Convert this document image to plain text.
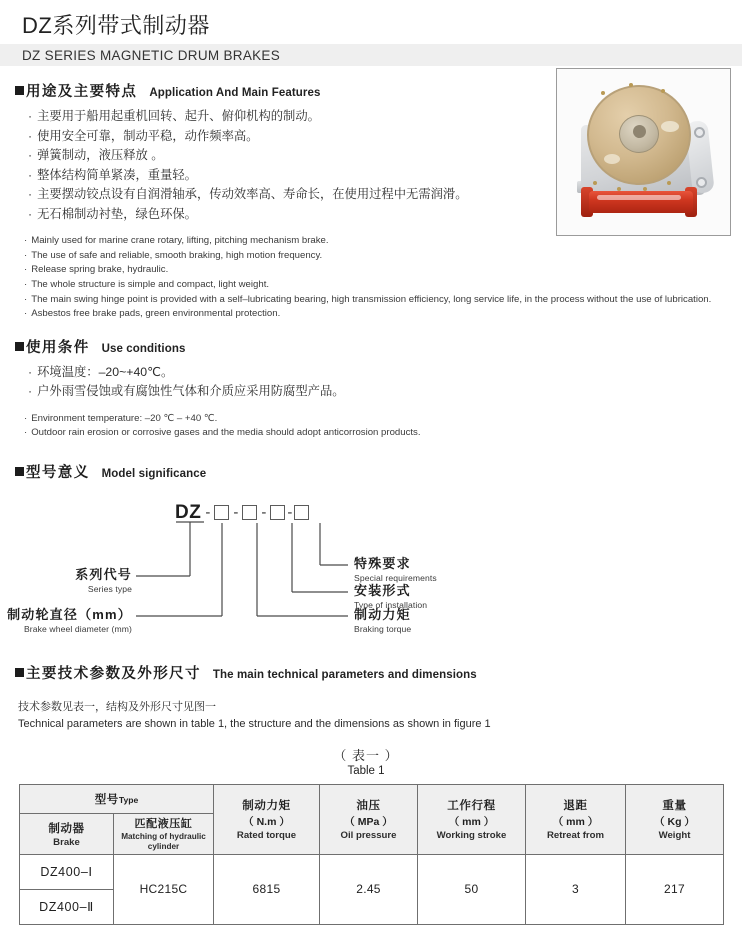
DZ系列带式制动器
DZ SERIES MAGNETIC DRUM BRAKES
用途及主要特点 Application And Main Features
· 主要用于船用起重机回转、起升、俯仰机构的制动。
· 使用安全可靠，制动平稳，动作频率高。
· 弹簧制动，液压释放 。
· 整体结构简单紧凑，重量轻。
· 主要摆动铰点设有自润滑轴承，传动效率高、寿命长，在使用过程中无需润滑。
· 无石棉制动衬垫，绿色环保。
· Mainly used for marine crane rotary, lifting, pitching mechanism brake.
· The use of safe and reliable, smooth braking, high motion frequency.
· Release spring brake, hydraulic.
· The whole structure is simple and compact, light weight.
· The main swing hinge point is provided with a self–lubricating bearing, high transmission efficiency, long service life, in the process without the use of lubrication.
· Asbestos free brake pads, green environmental protection.
使用条件 Use conditions
· 环境温度：–20~+40℃。
· 户外雨雪侵蚀或有腐蚀性气体和介质应采用防腐型产品。
· Environment temperature: –20 ℃ – +40 ℃.
· Outdoor rain erosion or corrosive gases and the media should adopt anticorrosion products.
型号意义 Model significance
DZ - - - -
系列代号
Series type
制动轮直径（mm）
Brake wheel diameter (mm)
特殊要求
Special requirements
安装形式
Type of installation
制动力矩
Braking torque
主要技术参数及外形尺寸 The main technical parameters and dimensions
技术参数见表一，结构及外形尺寸见图一
Technical parameters are shown in table 1, the structure and the dimensions as shown in figure 1
（ 表一 ）
Table 1
型号Type		制动力矩
（ N.m ）
Rated torque	油压
（ MPa ）
Oil pressure	工作行程
（ mm ）
Working stroke	退距
（ mm ）
Retreat from	重量
（ Kg ）
Weight

制动器
Brake	匹配液压缸
Matching of hydraulic cylinder					

DZ400–Ⅰ	HC215C	6815	2.45	50	3	217
DZ400–Ⅱ						
